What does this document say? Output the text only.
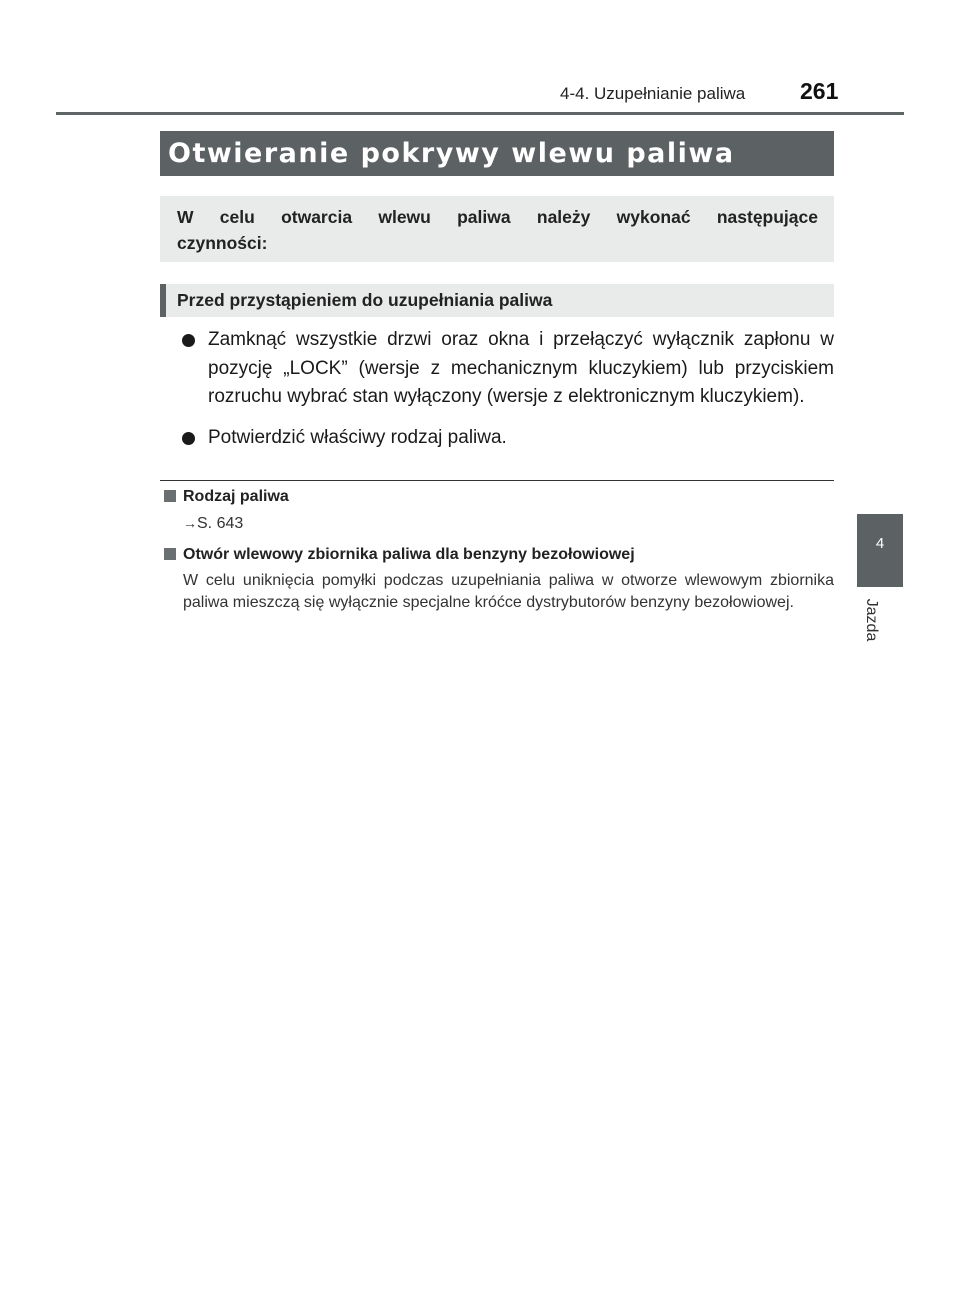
4-4. Uzupełnianie paliwa 261
Otwieranie pokrywy wlewu paliwa
W celu otwarcia wlewu paliwa należy wykonać następujące czynności:
Przed przystąpieniem do uzupełniania paliwa
Zamknąć wszystkie drzwi oraz okna i przełączyć wyłącznik zapłonu w pozycję „LOCK” (wersje z mechanicznym kluczykiem) lub przyciskiem rozruchu wybrać stan wyłączony (wersje z elektronicznym kluczykiem).
Potwierdzić właściwy rodzaj paliwa.
Rodzaj paliwa
→S. 643
Otwór wlewowy zbiornika paliwa dla benzyny bezołowiowej
W celu uniknięcia pomyłki podczas uzupełniania paliwa w otworze wlewowym zbiornika paliwa mieszczą się wyłącznie specjalne króćce dystrybutorów benzyny bezołowiowej.
4
Jazda
